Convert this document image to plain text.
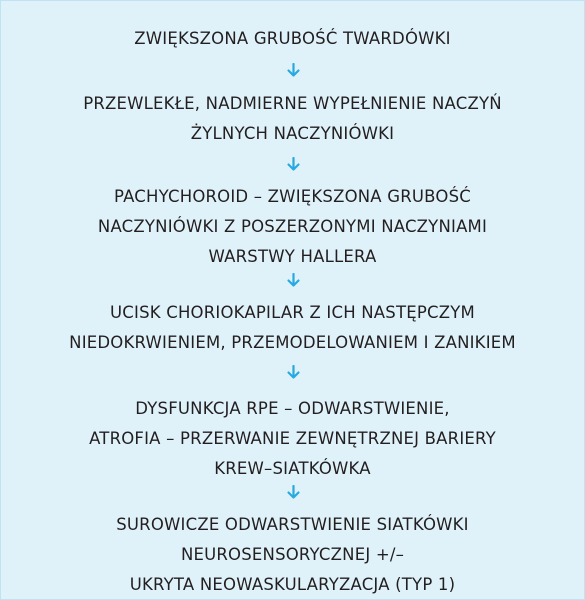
ZWIĘKSZONA GRUBOŚĆ TWARDÓWKI
PRZEWLEKŁE, NADMIERNE WYPEŁNIENIE NACZYŃ
ŻYLNYCH NACZYNIÓWKI
PACHYCHOROID – ZWIĘKSZONA GRUBOŚĆ
NACZYNIÓWKI Z POSZERZONYMI NACZYNIAMI
WARSTWY HALLERA
UCISK CHORIOKAPILAR Z ICH NASTĘPCZYM
NIEDOKRWIENIEM, PRZEMODELOWANIEM I ZANIKIEM
DYSFUNKCJA RPE – ODWARSTWIENIE,
ATROFIA – PRZERWANIE ZEWNĘTRZNEJ BARIERY
KREW–SIATKÓWKA
SUROWICZE ODWARSTWIENIE SIATKÓWKI
NEUROSENSORYCZNEJ +/–
UKRYTA NEOWASKULARYZACJA (TYP 1)
